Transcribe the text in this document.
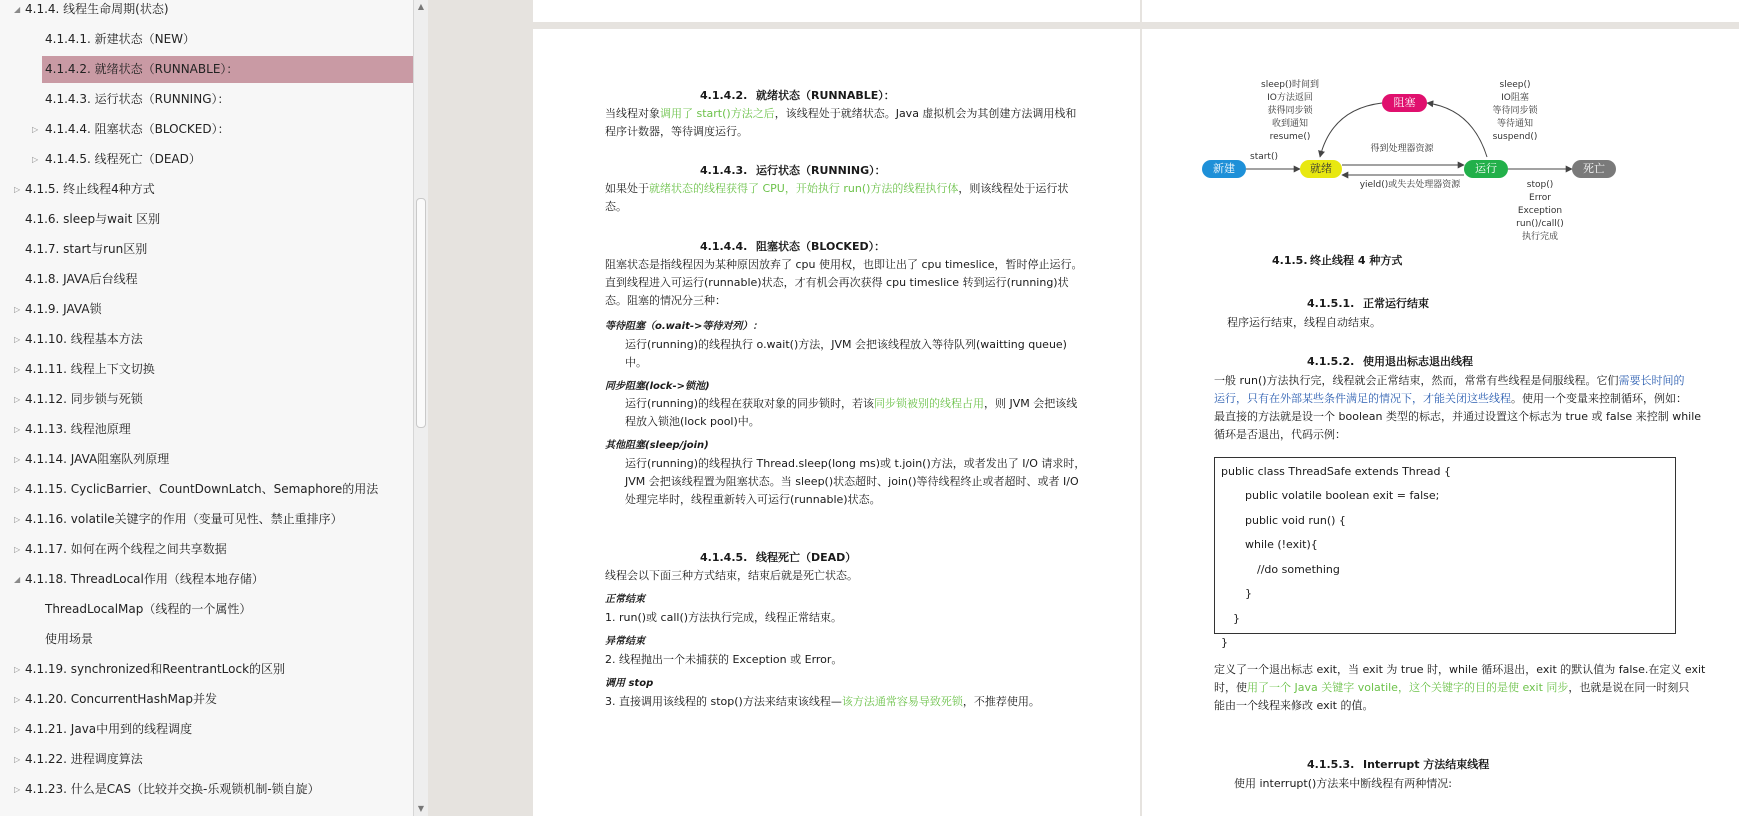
◢ 4.1.4. 线程生命周期(状态)
4.1.4.1. 新建状态（NEW）
4.1.4.2. 就绪状态（RUNNABLE）：
4.1.4.3. 运行状态（RUNNING）：
▷ 4.1.4.4. 阻塞状态（BLOCKED）：
▷ 4.1.4.5. 线程死亡（DEAD）
▷ 4.1.5. 终止线程4种方式
4.1.6. sleep与wait 区别
4.1.7. start与run区别
4.1.8. JAVA后台线程
▷ 4.1.9. JAVA锁
▷ 4.1.10. 线程基本方法
▷ 4.1.11. 线程上下文切换
▷ 4.1.12. 同步锁与死锁
▷ 4.1.13. 线程池原理
▷ 4.1.14. JAVA阻塞队列原理
▷ 4.1.15. CyclicBarrier、CountDownLatch、Semaphore的用法
▷ 4.1.16. volatile关键字的作用（变量可见性、禁止重排序）
▷ 4.1.17. 如何在两个线程之间共享数据
◢ 4.1.18. ThreadLocal作用（线程本地存储）
ThreadLocalMap（线程的一个属性）
使用场景
▷ 4.1.19. synchronized和ReentrantLock的区别
▷ 4.1.20. ConcurrentHashMap并发
▷ 4.1.21. Java中用到的线程调度
▷ 4.1.22. 进程调度算法
▷ 4.1.23. 什么是CAS（比较并交换-乐观锁机制-锁自旋）
▲
▼
4.1.4.2. 就绪状态（RUNNABLE）：
当线程对象调用了 start()方法之后，该线程处于就绪状态。Java 虚拟机会为其创建方法调用栈和
程序计数器，等待调度运行。
4.1.4.3. 运行状态（RUNNING）：
如果处于就绪状态的线程获得了 CPU，开始执行 run()方法的线程执行体，则该线程处于运行状
态。
4.1.4.4. 阻塞状态（BLOCKED）：
阻塞状态是指线程因为某种原因放弃了 cpu 使用权，也即让出了 cpu timeslice，暂时停止运行。
直到线程进入可运行(runnable)状态，才有机会再次获得 cpu timeslice 转到运行(running)状
态。阻塞的情况分三种：
等待阻塞（o.wait->等待对列）：
运行(running)的线程执行 o.wait()方法，JVM 会把该线程放入等待队列(waitting queue)
中。
同步阻塞(lock->锁池)
运行(running)的线程在获取对象的同步锁时，若该同步锁被别的线程占用，则 JVM 会把该线
程放入锁池(lock pool)中。
其他阻塞(sleep/join)
运行(running)的线程执行 Thread.sleep(long ms)或 t.join()方法，或者发出了 I/O 请求时，
JVM 会把该线程置为阻塞状态。当 sleep()状态超时、join()等待线程终止或者超时、或者 I/O
处理完毕时，线程重新转入可运行(runnable)状态。
4.1.4.5. 线程死亡（DEAD）
线程会以下面三种方式结束，结束后就是死亡状态。
正常结束
1. run()或 call()方法执行完成，线程正常结束。
异常结束
2. 线程抛出一个未捕获的 Exception 或 Error。
调用 stop
3. 直接调用该线程的 stop()方法来结束该线程—该方法通常容易导致死锁，不推荐使用。
新建	就绪	运行
阻塞
死亡
sleep()时间到
IO方法返回
获得同步锁
收到通知
resume()
sleep()
IO阻塞
等待同步锁
等待通知
suspend()
start()
得到处理器资源
yield()或失去处理器资源	stop()
Error
Exception
run()/call()
执行完成
4.1.5. 终止线程 4 种方式
4.1.5.1. 正常运行结束
程序运行结束，线程自动结束。
4.1.5.2. 使用退出标志退出线程
一般 run()方法执行完，线程就会正常结束，然而，常常有些线程是伺服线程。它们需要长时间的
运行，只有在外部某些条件满足的情况下，才能关闭这些线程。使用一个变量来控制循环，例如：
最直接的方法就是设一个 boolean 类型的标志，并通过设置这个标志为 true 或 false 来控制 while
循环是否退出，代码示例：
public class ThreadSafe extends Thread {
public volatile boolean exit = false;
public void run() {
while (!exit){
//do something
}
}
}
定义了一个退出标志 exit，当 exit 为 true 时，while 循环退出，exit 的默认值为 false.在定义 exit
时，使用了一个 Java 关键字 volatile，这个关键字的目的是使 exit 同步，也就是说在同一时刻只
能由一个线程来修改 exit 的值。
4.1.5.3. Interrupt 方法结束线程
使用 interrupt()方法来中断线程有两种情况:
